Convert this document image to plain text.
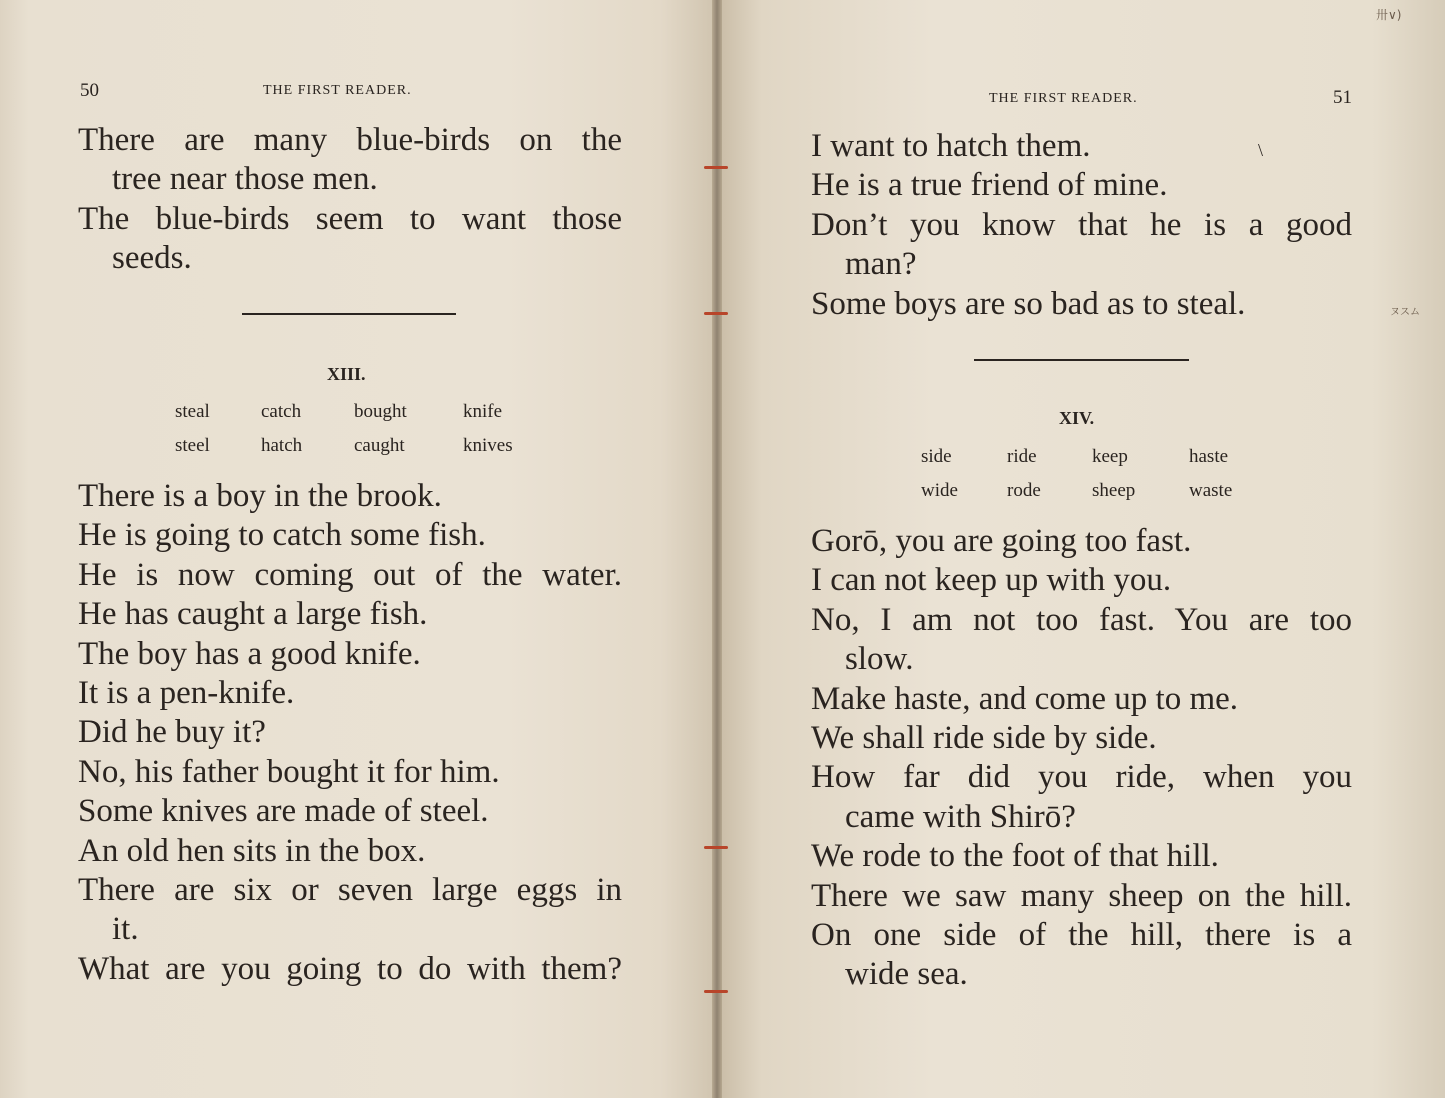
50	THE FIRST READER.
There are many blue-birds on the
tree near those men.
The blue-birds seem to want those
seeds.
XIII.
steal	catch	bought	knife
steel	hatch	caught	knives
There is a boy in the brook.
He is going to catch some fish.
He is now coming out of the water.
He has caught a large fish.
The boy has a good knife.
It is a pen-knife.
Did he buy it?
No, his father bought it for him.
Some knives are made of steel.
An old hen sits in the box.
There are six or seven large eggs in
it.
What are you going to do with them?
卅∨)
ヌスム
THE FIRST READER.	51
\
I want to hatch them.
He is a true friend of mine.
Don’t you know that he is a good
man?
Some boys are so bad as to steal.
XIV.
side	ride	keep	haste
wide	rode	sheep	waste
Gorō, you are going too fast.
I can not keep up with you.
No, I am not too fast. You are too
slow.
Make haste, and come up to me.
We shall ride side by side.
How far did you ride, when you
came with Shirō?
We rode to the foot of that hill.
There we saw many sheep on the hill.
On one side of the hill, there is a
wide sea.
